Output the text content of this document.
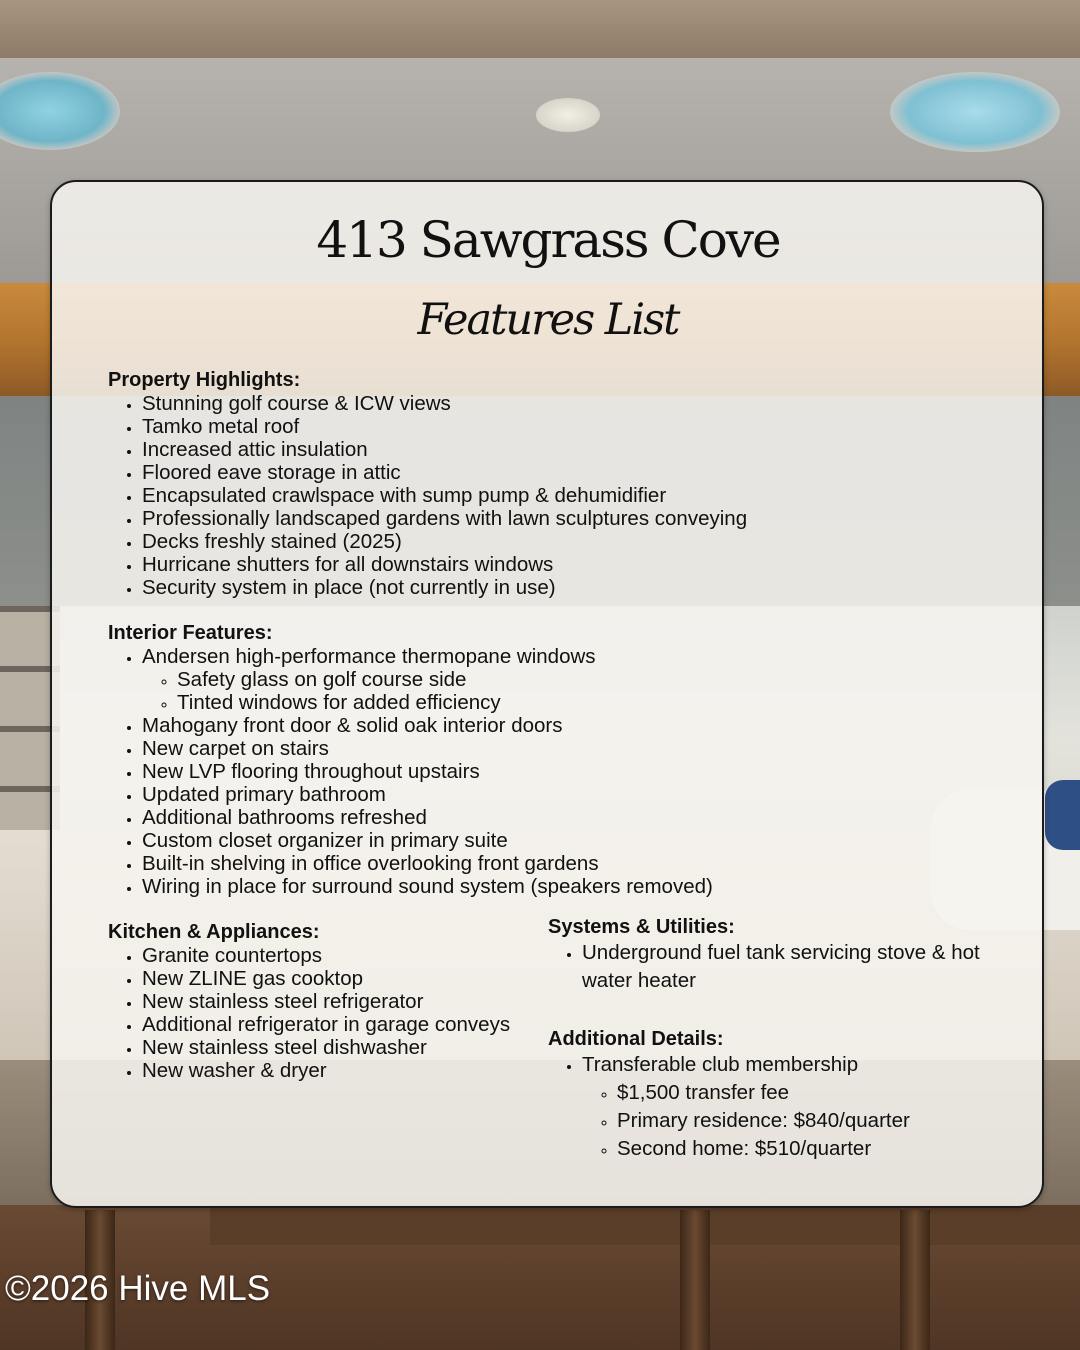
413 Sawgrass Cove
Features List
Property Highlights:
• Stunning golf course & ICW views
• Tamko metal roof
• Increased attic insulation
• Floored eave storage in attic
• Encapsulated crawlspace with sump pump & dehumidifier
• Professionally landscaped gardens with lawn sculptures conveying
• Decks freshly stained (2025)
• Hurricane shutters for all downstairs windows
• Security system in place (not currently in use)
Interior Features:
• Andersen high-performance thermopane windows
◦ Safety glass on golf course side
◦ Tinted windows for added efficiency
• Mahogany front door & solid oak interior doors
• New carpet on stairs
• New LVP flooring throughout upstairs
• Updated primary bathroom
• Additional bathrooms refreshed
• Custom closet organizer in primary suite
• Built-in shelving in office overlooking front gardens
• Wiring in place for surround sound system (speakers removed)
Kitchen & Appliances:
• Granite countertops
• New ZLINE gas cooktop
• New stainless steel refrigerator
• Additional refrigerator in garage conveys
• New stainless steel dishwasher
• New washer & dryer
Systems & Utilities:
• Underground fuel tank servicing stove & hot water heater
Additional Details:
• Transferable club membership
◦ $1,500 transfer fee
◦ Primary residence: $840/quarter
◦ Second home: $510/quarter

©2026 Hive MLS
